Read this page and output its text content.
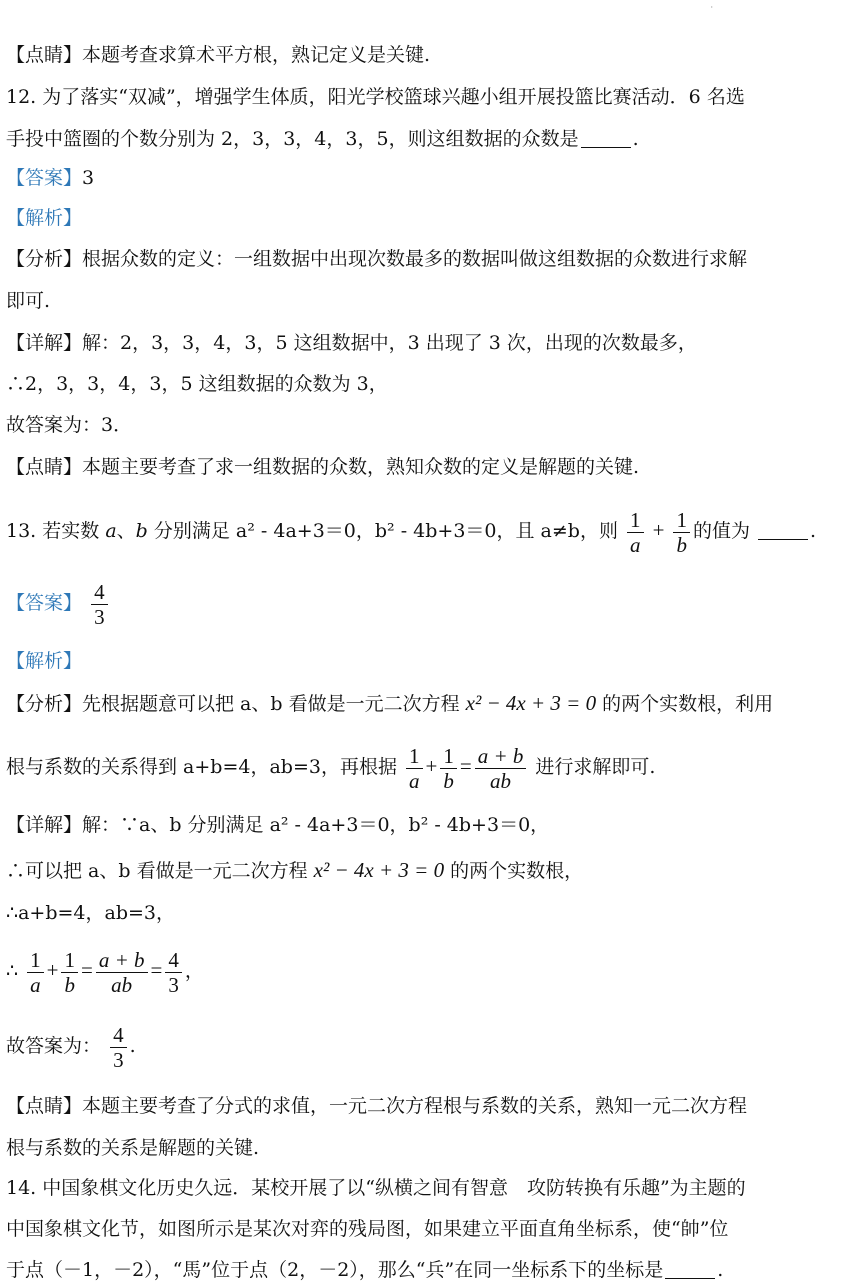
·
【点睛】本题考查求算术平方根，熟记定义是关键.
12. 为了落实“双减”，增强学生体质，阳光学校篮球兴趣小组开展投篮比赛活动．6 名选
手投中篮圈的个数分别为 2，3，3，4，3，5，则这组数据的众数是	.
【答案】3
【解析】
【分析】根据众数的定义：一组数据中出现次数最多的数据叫做这组数据的众数进行求解
即可.
【详解】解：2，3，3，4，3，5 这组数据中，3 出现了 3 次，出现的次数最多，
∴2，3，3，4，3，5 这组数据的众数为 3，
故答案为：3．
【点睛】本题主要考查了求一组数据的众数，熟知众数的定义是解题的关键.
13. 若实数 a、b 分别满足 a² - 4a+3＝0，b² - 4b+3＝0，且 a≠b，则 $\frac{1}{a} + \frac{1}{b}$ 的值为	.
【答案】 $\frac{4}{3}$
【解析】
【分析】先根据题意可以把 a、b 看做是一元二次方程 x² − 4x + 3 = 0 的两个实数根，利用
根与系数的关系得到 a+b=4，ab=3，再根据 $\frac{1}{a} + \frac{1}{b} = \frac{a + b}{ab}$ 进行求解即可.
【详解】解：∵a、b 分别满足 a² - 4a+3＝0，b² - 4b+3＝0，
∴可以把 a、b 看做是一元二次方程 x² − 4x + 3 = 0 的两个实数根，
∴a+b=4，ab=3，
∴ $\frac{1}{a} + \frac{1}{b} = \frac{a + b}{ab} = \frac{4}{3}$ ，
故答案为： $\frac{4}{3}$ .
【点睛】本题主要考查了分式的求值，一元二次方程根与系数的关系，熟知一元二次方程
根与系数的关系是解题的关键.
14. 中国象棋文化历史久远．某校开展了以“纵横之间有智意　攻防转换有乐趣”为主题的
中国象棋文化节，如图所示是某次对弈的残局图，如果建立平面直角坐标系，使“帥”位
于点（－1，－2），“馬”位于点（2，－2），那么“兵”在同一坐标系下的坐标是	.
